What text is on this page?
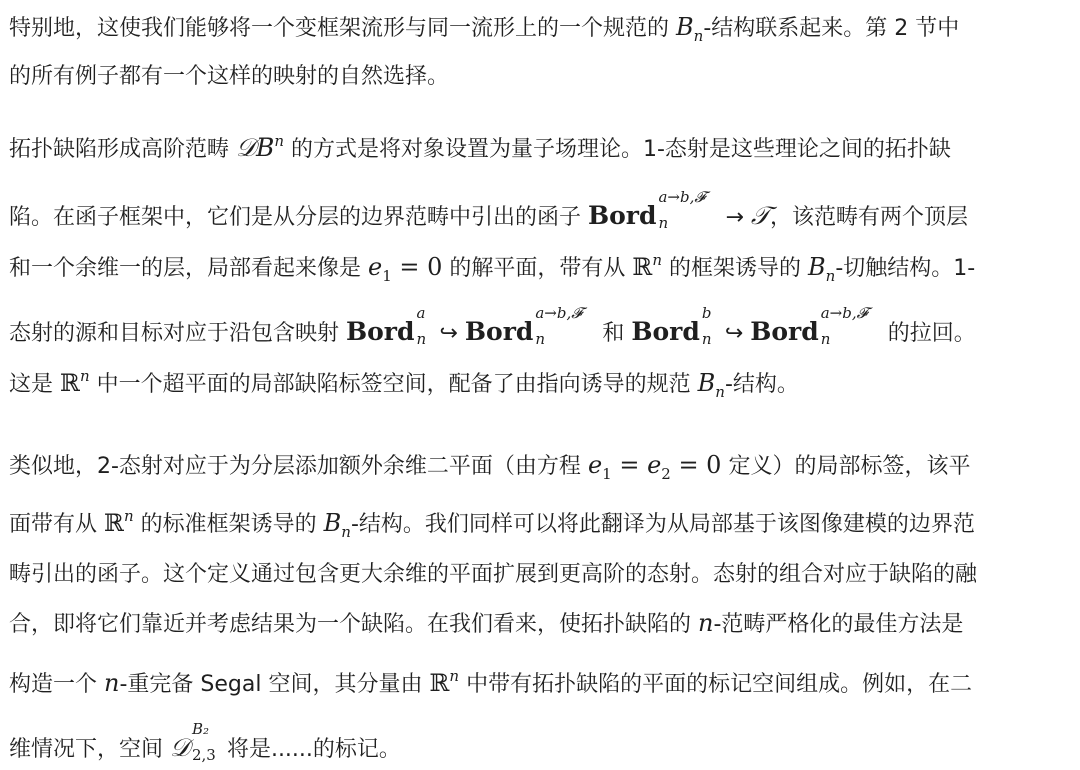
特别地，这使我们能够将一个变框架流形与同一流形上的一个规范的 $B_n-$结构联系起来。第 2 节中
的所有例子都有一个这样的映射的自然选择。
拓扑缺陷形成高阶范畴 𝒟B$^n$ 的方式是将对象设置为量子场理论。1-态射是这些理论之间的拓扑缺
陷。在函子框架中，它们是从分层的边界范畴中引出的函子 Bord
a→b,𝓕
n → 𝒯，该范畴有两个顶层
和一个余维一的层，局部看起来像是 $e_1 = 0$ 的解平面，带有从 ℝ$^n$ 的框架诱导的 $B_n-$切触结构。1-
态射的源和目标对应于沿包含映射 Bord
a
n ↪ Bord
a→b,𝓕
n 和 Bord
b
n ↪ Bord
a→b,𝓕
n 的拉回。
这是 ℝ$^n$ 中一个超平面的局部缺陷标签空间，配备了由指向诱导的规范 $B_n-$结构。
类似地，2-态射对应于为分层添加额外余维二平面（由方程 $e_1 = e_2 = 0$ 定义）的局部标签，该平
面带有从 ℝ$^n$ 的标准框架诱导的 $B_n-$结构。我们同样可以将此翻译为从局部基于该图像建模的边界范
畴引出的函子。这个定义通过包含更大余维的平面扩展到更高阶的态射。态射的组合对应于缺陷的融
合，即将它们靠近并考虑结果为一个缺陷。在我们看来，使拓扑缺陷的 n-范畴严格化的最佳方法是
构造一个 n-重完备 Segal 空间，其分量由 ℝ$^n$ 中带有拓扑缺陷的平面的标记空间组成。例如，在二
维情况下，空间 𝒟
B₂
2,3 将是......的标记。
